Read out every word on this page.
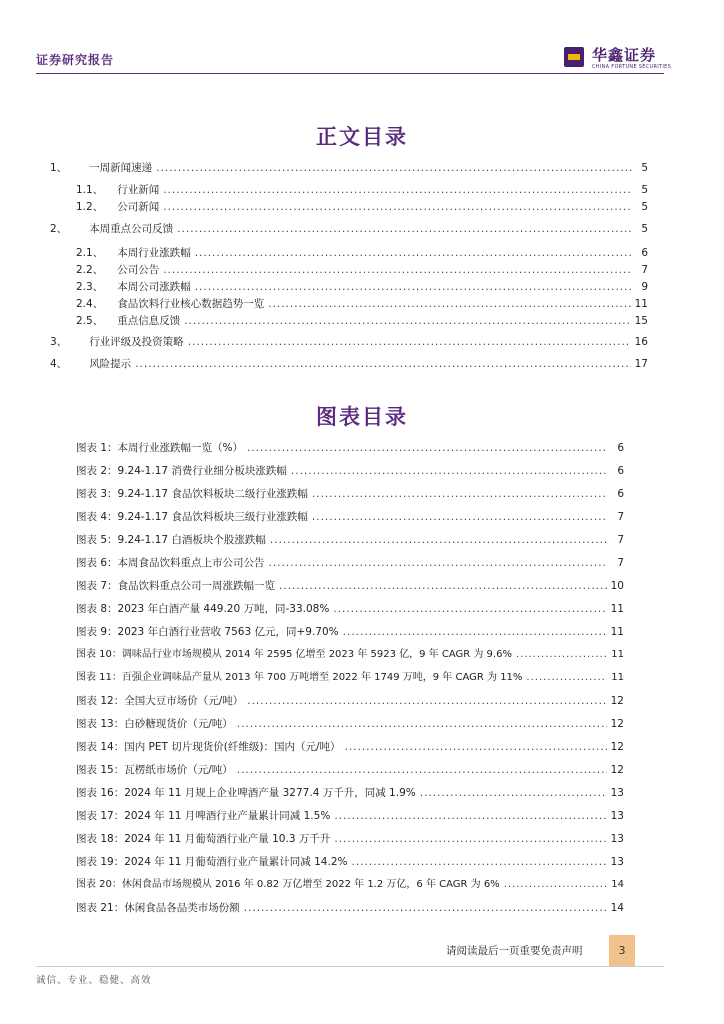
证券研究报告	华鑫证券
CHINA FORTUNE SECURITIES
正文目录
1、 一周新闻速递 .....	5
1.1、 行业新闻 .....	5
1.2、 公司新闻 .....	5
2、 本周重点公司反馈 .....	5
2.1、 本周行业涨跌幅 .....	6
2.2、 公司公告 .....	7
2.3、 本周公司涨跌幅 .....	9
2.4、 食品饮料行业核心数据趋势一览 .....	11
2.5、 重点信息反馈 .....	15
3、 行业评级及投资策略 .....	16
4、 风险提示 .....	17
图表目录
图表 1：本周行业涨跌幅一览（%） .....	6
图表 2：9.24-1.17 消费行业细分板块涨跌幅 .....	6
图表 3：9.24-1.17 食品饮料板块二级行业涨跌幅 .....	6
图表 4：9.24-1.17 食品饮料板块三级行业涨跌幅 .....	7
图表 5：9.24-1.17 白酒板块个股涨跌幅 .....	7
图表 6：本周食品饮料重点上市公司公告 .....	7
图表 7：食品饮料重点公司一周涨跌幅一览 .....	10
图表 8：2023 年白酒产量 449.20 万吨，同-33.08% .....	11
图表 9：2023 年白酒行业营收 7563 亿元，同+9.70% .....	11
图表 10：调味品行业市场规模从 2014 年 2595 亿增至 2023 年 5923 亿，9 年 CAGR 为 9.6% .....	11
图表 11：百强企业调味品产量从 2013 年 700 万吨增至 2022 年 1749 万吨，9 年 CAGR 为 11% .....	11
图表 12：全国大豆市场价（元/吨） .....	12
图表 13：白砂糖现货价（元/吨） .....	12
图表 14：国内 PET 切片现货价(纤维级)：国内（元/吨） .....	12
图表 15：瓦楞纸市场价（元/吨） .....	12
图表 16：2024 年 11 月规上企业啤酒产量 3277.4 万千升，同减 1.9% .....	13
图表 17：2024 年 11 月啤酒行业产量累计同减 1.5% .....	13
图表 18：2024 年 11 月葡萄酒行业产量 10.3 万千升 .....	13
图表 19：2024 年 11 月葡萄酒行业产量累计同减 14.2% .....	13
图表 20：休闲食品市场规模从 2016 年 0.82 万亿增至 2022 年 1.2 万亿，6 年 CAGR 为 6% .....	14
图表 21：休闲食品各品类市场份额 .....	14
请阅读最后一页重要免责声明	3
诚信、专业、稳健、高效
